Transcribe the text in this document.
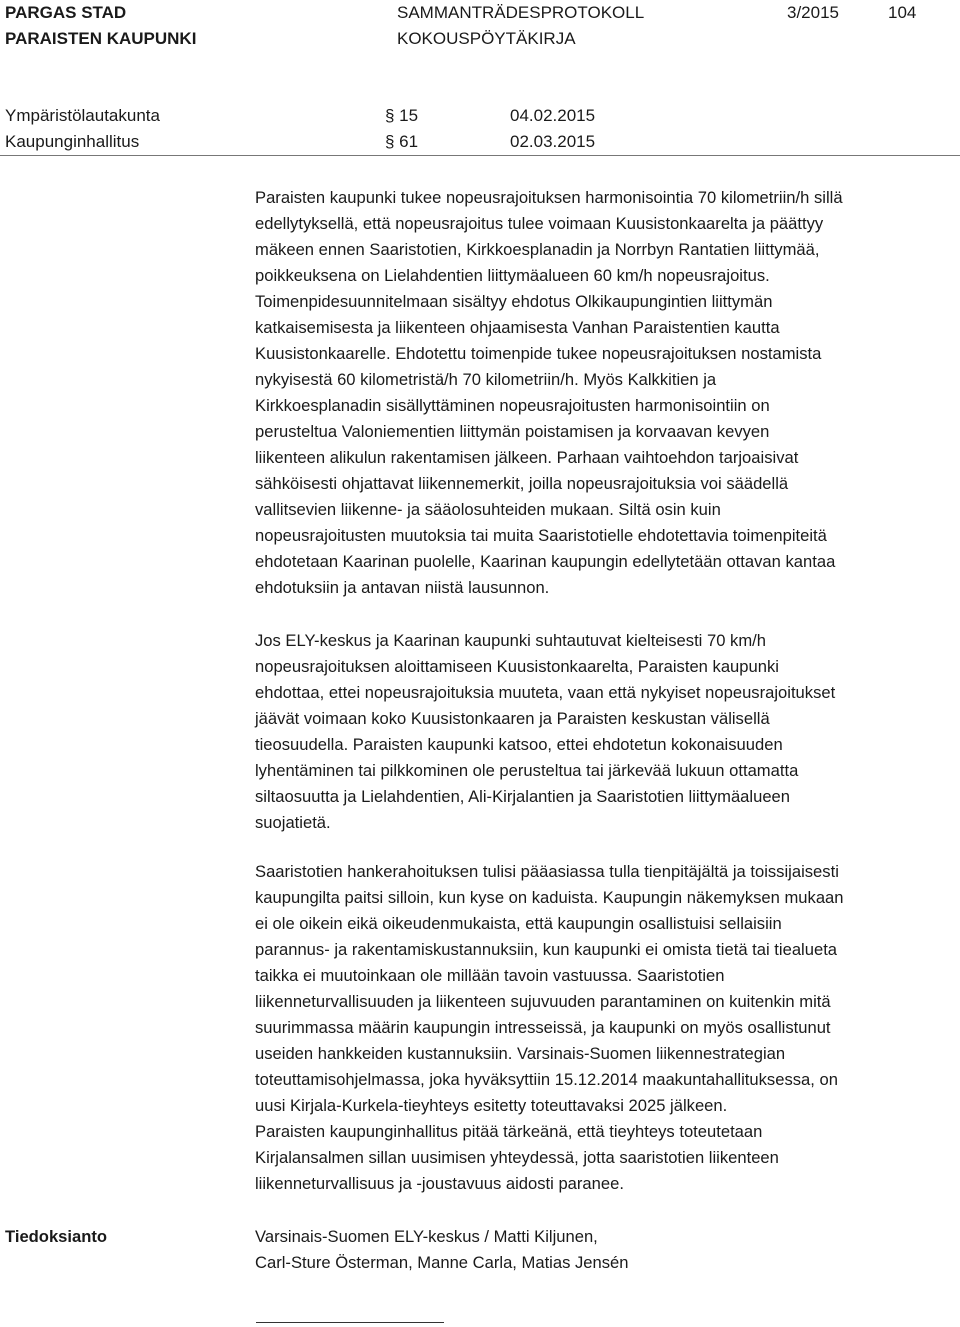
PARGAS STAD
PARAISTEN KAUPUNKI
SAMMANTRÄDESPROTOKOLL
KOKOUSPÖYTÄKIRJA
3/2015	104
Ympäristölautakunta	§ 15	04.02.2015
Kaupunginhallitus	§ 61	02.03.2015
Paraisten kaupunki tukee nopeusrajoituksen harmonisointia 70 kilometriin/h sillä
edellytyksellä, että nopeusrajoitus tulee voimaan Kuusistonkaarelta ja päättyy
mäkeen ennen Saaristotien, Kirkkoesplanadin ja Norrbyn Rantatien liittymää,
poikkeuksena on Lielahdentien liittymäalueen 60 km/h nopeusrajoitus.
Toimenpidesuunnitelmaan sisältyy ehdotus Olkikaupungintien liittymän
katkaisemisesta ja liikenteen ohjaamisesta Vanhan Paraistentien kautta
Kuusistonkaarelle. Ehdotettu toimenpide tukee nopeusrajoituksen nostamista
nykyisestä 60 kilometristä/h 70 kilometriin/h. Myös Kalkkitien ja
Kirkkoesplanadin sisällyttäminen nopeusrajoitusten harmonisointiin on
perusteltua Valoniementien liittymän poistamisen ja korvaavan kevyen
liikenteen alikulun rakentamisen jälkeen. Parhaan vaihtoehdon tarjoaisivat
sähköisesti ohjattavat liikennemerkit, joilla nopeusrajoituksia voi säädellä
vallitsevien liikenne- ja sääolosuhteiden mukaan. Siltä osin kuin
nopeusrajoitusten muutoksia tai muita Saaristotielle ehdotettavia toimenpiteitä
ehdotetaan Kaarinan puolelle, Kaarinan kaupungin edellytetään ottavan kantaa
ehdotuksiin ja antavan niistä lausunnon.
Jos ELY-keskus ja Kaarinan kaupunki suhtautuvat kielteisesti 70 km/h
nopeusrajoituksen aloittamiseen Kuusistonkaarelta, Paraisten kaupunki
ehdottaa, ettei nopeusrajoituksia muuteta, vaan että nykyiset nopeusrajoitukset
jäävät voimaan koko Kuusistonkaaren ja Paraisten keskustan välisellä
tieosuudella. Paraisten kaupunki katsoo, ettei ehdotetun kokonaisuuden
lyhentäminen tai pilkkominen ole perusteltua tai järkevää lukuun ottamatta
siltaosuutta ja Lielahdentien, Ali-Kirjalantien ja Saaristotien liittymäalueen
suojatietä.
Saaristotien hankerahoituksen tulisi pääasiassa tulla tienpitäjältä ja toissijaisesti
kaupungilta paitsi silloin, kun kyse on kaduista. Kaupungin näkemyksen mukaan
ei ole oikein eikä oikeudenmukaista, että kaupungin osallistuisi sellaisiin
parannus- ja rakentamiskustannuksiin, kun kaupunki ei omista tietä tai tiealueta
taikka ei muutoinkaan ole millään tavoin vastuussa. Saaristotien
liikenneturvallisuuden ja liikenteen sujuvuuden parantaminen on kuitenkin mitä
suurimmassa määrin kaupungin intresseissä, ja kaupunki on myös osallistunut
useiden hankkeiden kustannuksiin. Varsinais-Suomen liikennestrategian
toteuttamisohjelmassa, joka hyväksyttiin 15.12.2014 maakuntahallituksessa, on
uusi Kirjala-Kurkela-tieyhteys esitetty toteuttavaksi 2025 jälkeen.
Paraisten kaupunginhallitus pitää tärkeänä, että tieyhteys toteutetaan
Kirjalansalmen sillan uusimisen yhteydessä, jotta saaristotien liikenteen
liikenneturvallisuus ja -joustavuus aidosti paranee.
Tiedoksianto	Varsinais-Suomen ELY-keskus / Matti Kiljunen,
Carl-Sture Österman, Manne Carla, Matias Jensén
